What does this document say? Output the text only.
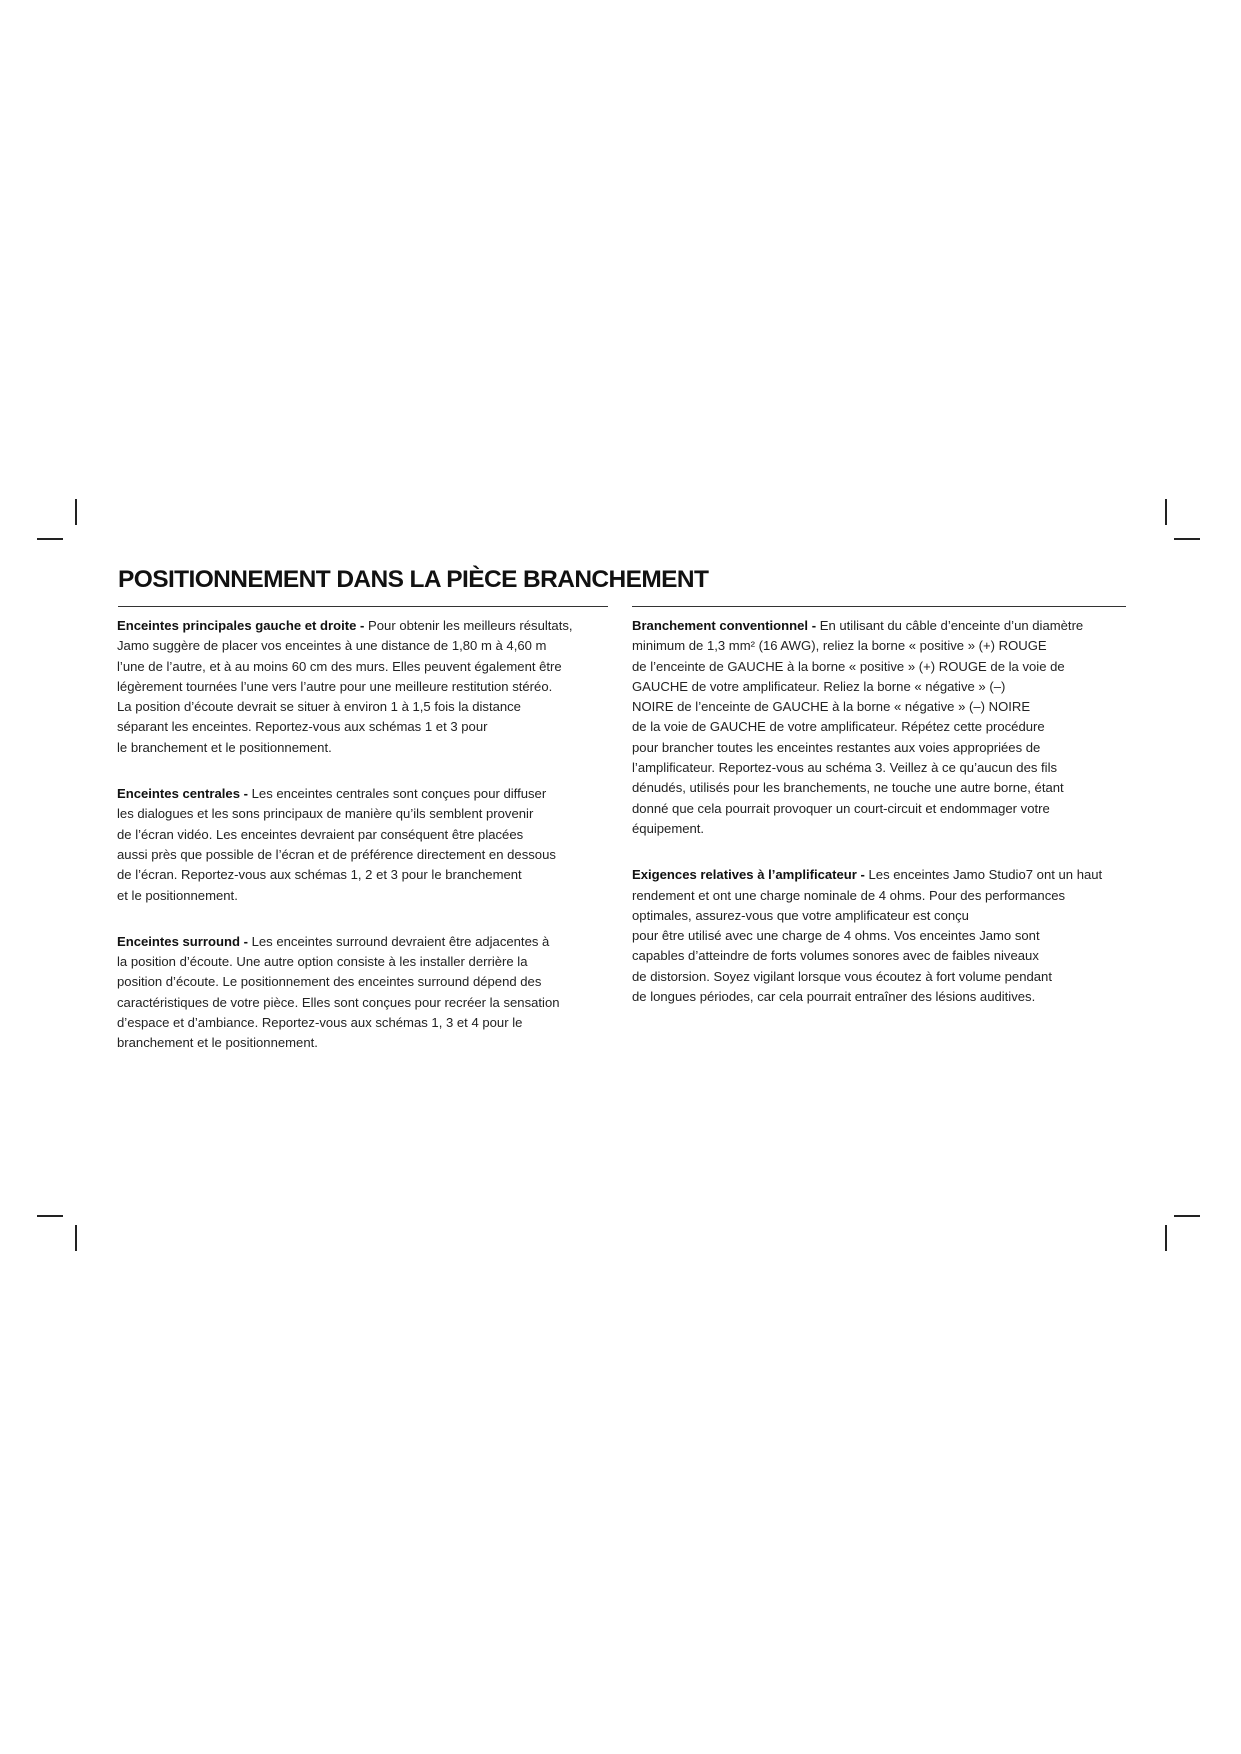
POSITIONNEMENT DANS LA PIÈCE BRANCHEMENT

Enceintes principales gauche et droite - Pour obtenir les meilleurs résultats,
Jamo suggère de placer vos enceintes à une distance de 1,80 m à 4,60 m
l’une de l’autre, et à au moins 60 cm des murs. Elles peuvent également être
légèrement tournées l’une vers l’autre pour une meilleure restitution stéréo.
La position d’écoute devrait se situer à environ 1 à 1,5 fois la distance
séparant les enceintes. Reportez-vous aux schémas 1 et 3 pour
le branchement et le positionnement.

Enceintes centrales - Les enceintes centrales sont conçues pour diffuser
les dialogues et les sons principaux de manière qu’ils semblent provenir
de l’écran vidéo. Les enceintes devraient par conséquent être placées
aussi près que possible de l’écran et de préférence directement en dessous
de l’écran. Reportez-vous aux schémas 1, 2 et 3 pour le branchement
et le positionnement.

Enceintes surround - Les enceintes surround devraient être adjacentes à
la position d’écoute. Une autre option consiste à les installer derrière la
position d’écoute. Le positionnement des enceintes surround dépend des
caractéristiques de votre pièce. Elles sont conçues pour recréer la sensation
d’espace et d’ambiance. Reportez-vous aux schémas 1, 3 et 4 pour le
branchement et le positionnement.

Branchement conventionnel - En utilisant du câble d’enceinte d’un diamètre
minimum de 1,3 mm² (16 AWG), reliez la borne « positive » (+) ROUGE
de l’enceinte de GAUCHE à la borne « positive » (+) ROUGE de la voie de
GAUCHE de votre amplificateur. Reliez la borne « négative » (–)
NOIRE de l’enceinte de GAUCHE à la borne « négative » (–) NOIRE
de la voie de GAUCHE de votre amplificateur. Répétez cette procédure
pour brancher toutes les enceintes restantes aux voies appropriées de
l’amplificateur. Reportez-vous au schéma 3. Veillez à ce qu’aucun des fils
dénudés, utilisés pour les branchements, ne touche une autre borne, étant
donné que cela pourrait provoquer un court-circuit et endommager votre
équipement.

Exigences relatives à l’amplificateur - Les enceintes Jamo Studio7 ont un haut
rendement et ont une charge nominale de 4 ohms. Pour des performances
optimales, assurez-vous que votre amplificateur est conçu
pour être utilisé avec une charge de 4 ohms. Vos enceintes Jamo sont
capables d’atteindre de forts volumes sonores avec de faibles niveaux
de distorsion. Soyez vigilant lorsque vous écoutez à fort volume pendant
de longues périodes, car cela pourrait entraîner des lésions auditives.
